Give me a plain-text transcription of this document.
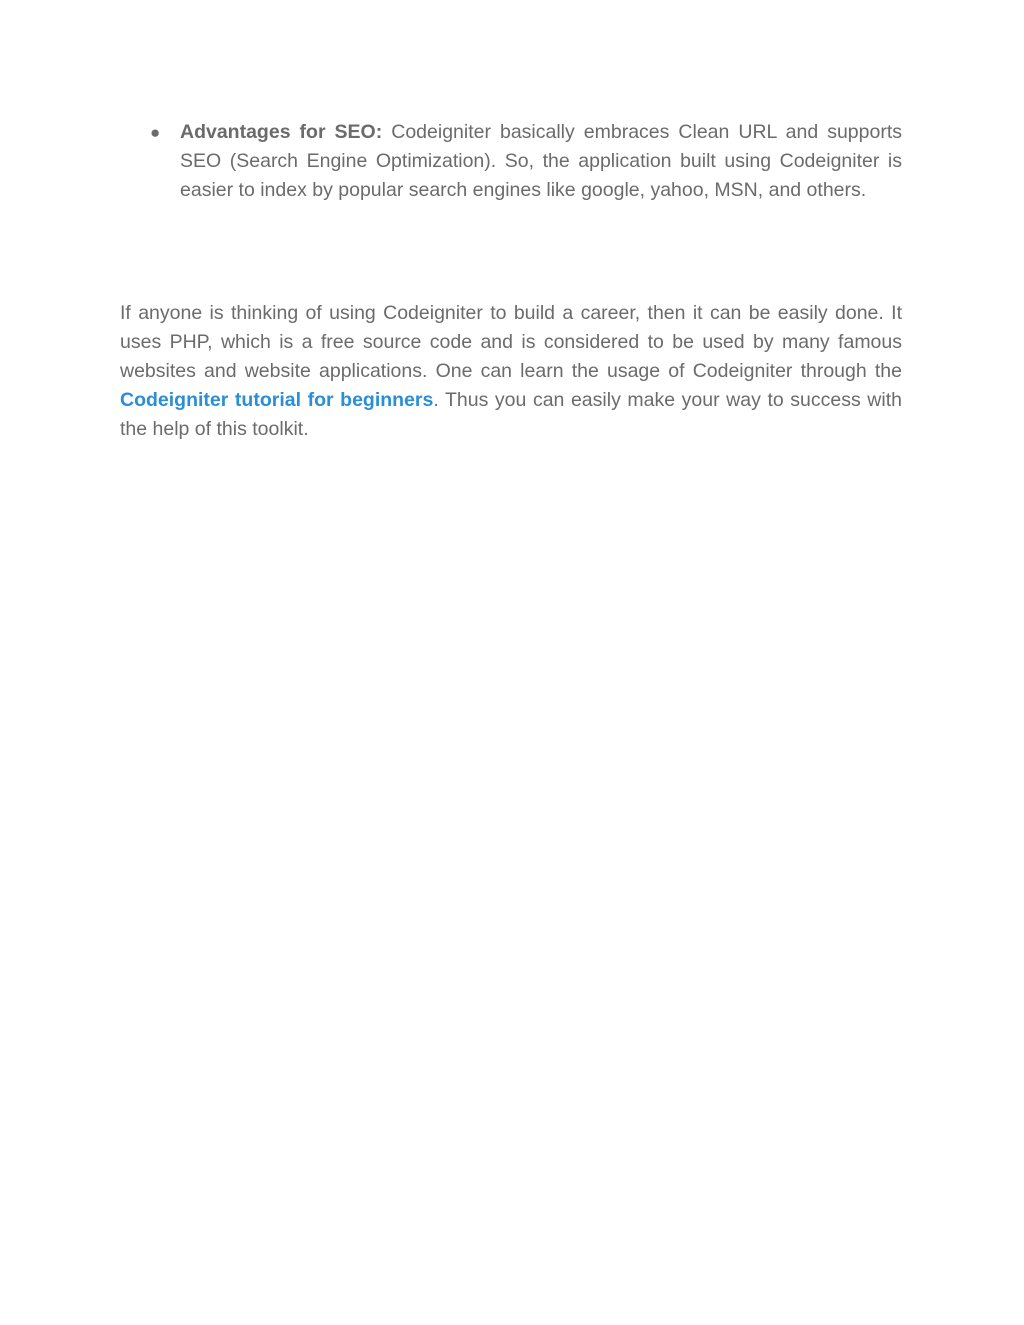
● Advantages for SEO: Codeigniter basically embraces Clean URL and supports SEO (Search Engine Optimization). So, the application built using Codeigniter is easier to index by popular search engines like google, yahoo, MSN, and others.

If anyone is thinking of using Codeigniter to build a career, then it can be easily done. It uses PHP, which is a free source code and is considered to be used by many famous websites and website applications. One can learn the usage of Codeigniter through the Codeigniter tutorial for beginners. Thus you can easily make your way to success with the help of this toolkit.
